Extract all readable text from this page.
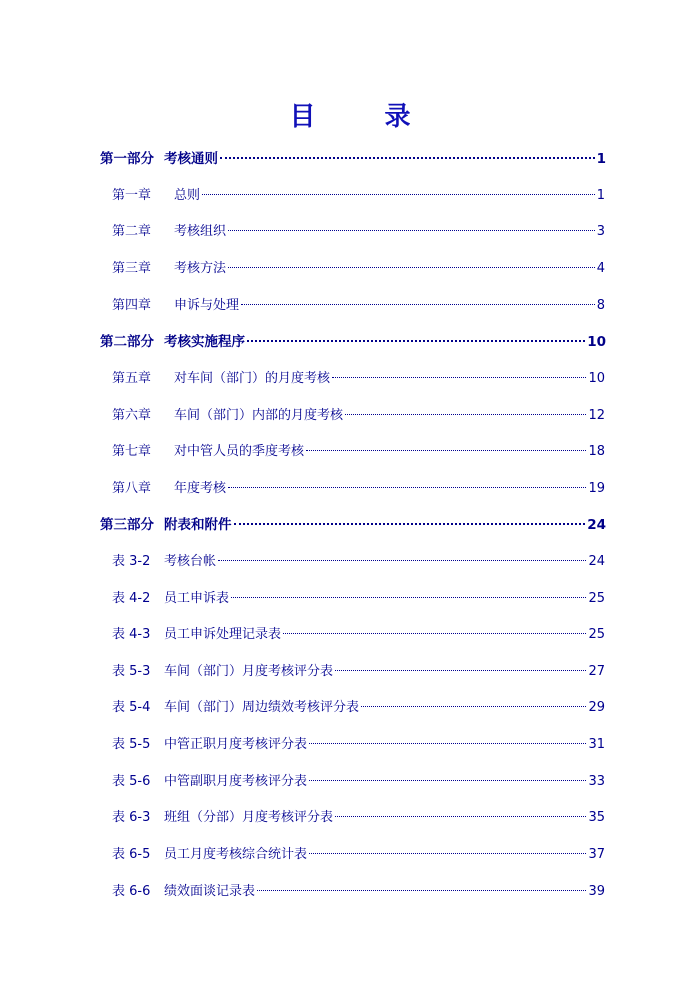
目 录
第一部分 考核通则	1
第一章	总则	1
第二章	考核组织	3
第三章	考核方法	4
第四章	申诉与处理	8
第二部分 考核实施程序	10
第五章	对车间（部门）的月度考核	10
第六章	车间（部门）内部的月度考核	12
第七章	对中管人员的季度考核	18
第八章	年度考核	19
第三部分 附表和附件	24
表 3-2	考核台帐	24
表 4-2	员工申诉表	25
表 4-3	员工申诉处理记录表	25
表 5-3	车间（部门）月度考核评分表	27
表 5-4	车间（部门）周边绩效考核评分表	29
表 5-5	中管正职月度考核评分表	31
表 5-6	中管副职月度考核评分表	33
表 6-3	班组（分部）月度考核评分表	35
表 6-5	员工月度考核综合统计表	37
表 6-6	绩效面谈记录表	39
